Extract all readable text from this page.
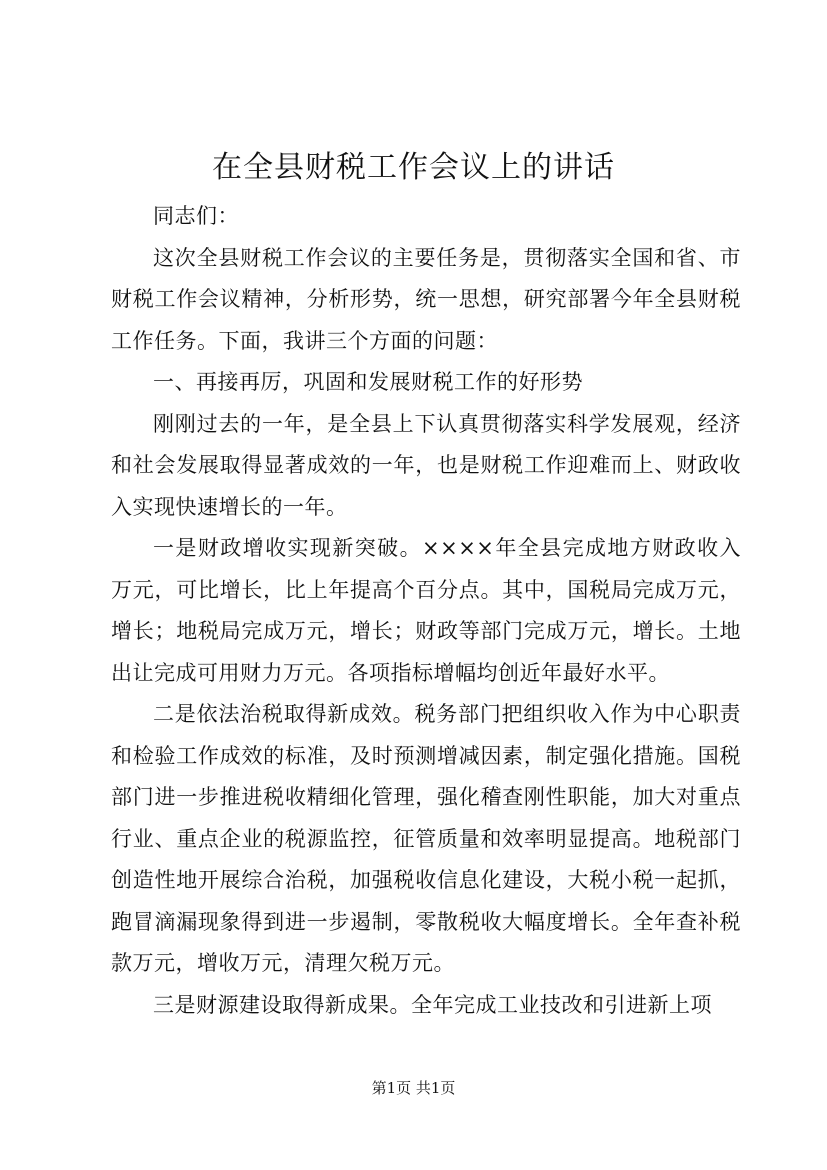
在全县财税工作会议上的讲话

同志们：

这次全县财税工作会议的主要任务是，贯彻落实全国和省、市财税工作会议精神，分析形势，统一思想，研究部署今年全县财税工作任务。下面，我讲三个方面的问题：

一、再接再厉，巩固和发展财税工作的好形势

刚刚过去的一年，是全县上下认真贯彻落实科学发展观，经济和社会发展取得显著成效的一年，也是财税工作迎难而上、财政收入实现快速增长的一年。

一是财政增收实现新突破。××××年全县完成地方财政收入万元，可比增长，比上年提高个百分点。其中，国税局完成万元，增长；地税局完成万元，增长；财政等部门完成万元，增长。土地出让完成可用财力万元。各项指标增幅均创近年最好水平。

二是依法治税取得新成效。税务部门把组织收入作为中心职责和检验工作成效的标准，及时预测增减因素，制定强化措施。国税部门进一步推进税收精细化管理，强化稽查刚性职能，加大对重点行业、重点企业的税源监控，征管质量和效率明显提高。地税部门创造性地开展综合治税，加强税收信息化建设，大税小税一起抓，跑冒滴漏现象得到进一步遏制，零散税收大幅度增长。全年查补税款万元，增收万元，清理欠税万元。

三是财源建设取得新成果。全年完成工业技改和引进新上项

第1页 共1页
